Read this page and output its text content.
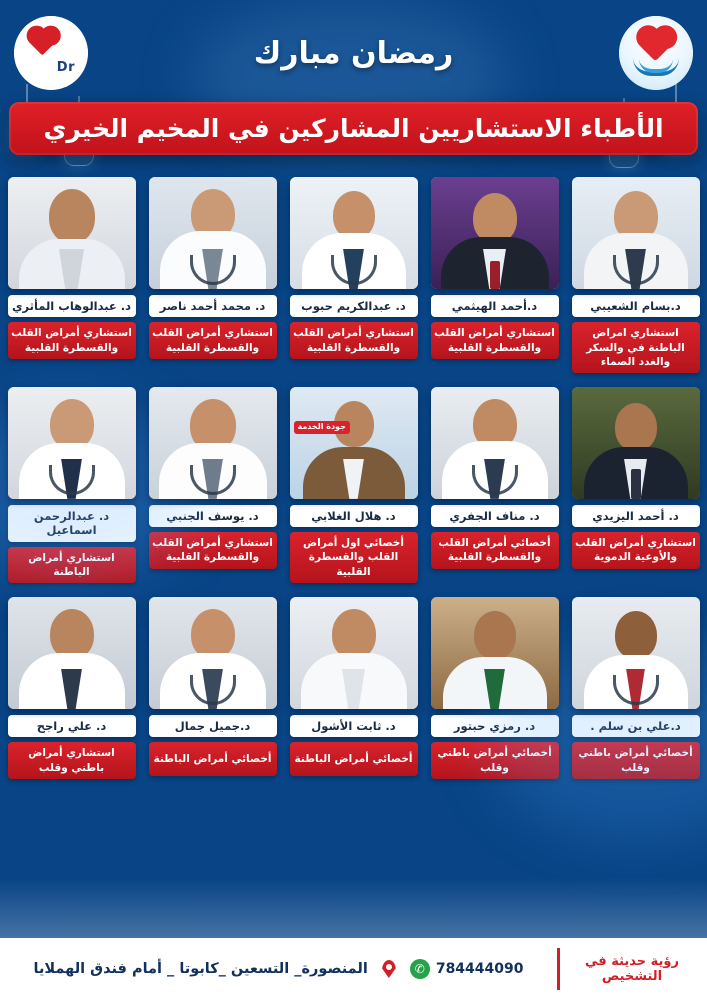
رمضان مبارك
Dr
الأطباء الاستشاريين المشاركين في المخيم الخيري
د.بسام الشعيبي
استشاري امراض الباطنة في والسكر والغدد الصماء
د.أحمد الهيثمي
استشاري أمراض القلب والقسطرة القلبية
د. عبدالكريم حبوب
استشاري أمراض القلب والقسطرة القلبية
د. محمد أحمد ناصر
استشاري أمراض القلب والقسطرة القلبية
د. عبدالوهاب المأثري
استشاري أمراض القلب والقسطرة القلبية
د. أحمد اليزيدي
استشاري أمراض القلب والأوعية الدموية
د. مناف الجفري
أخصائي أمراض القلب والقسطرة القلبية
جودة الخدمة
د. هلال الغلابي
أخصائي اول أمراض القلب والقسطرة القلبية
د. يوسف الجنبي
استشاري أمراض القلب والقسطرة القلبية
د. عبدالرحمن اسماعيل
استشاري أمراض الباطنة
د.علي بن سلم .
أخصائي أمراض باطني وقلب
د. رمزي حبتور
أخصائي أمراض باطني وقلب
د. ثابت الأشول
أخصائي أمراض الباطنة
د.جميل جمال
أخصائي أمراض الباطنة
د. علي راجح
استشاري أمراض باطني وقلب
رؤية حديثة في التشخيص
✆ 784444090
المنصورة_ التسعين _كابوتا _ أمام فندق الهملايا
